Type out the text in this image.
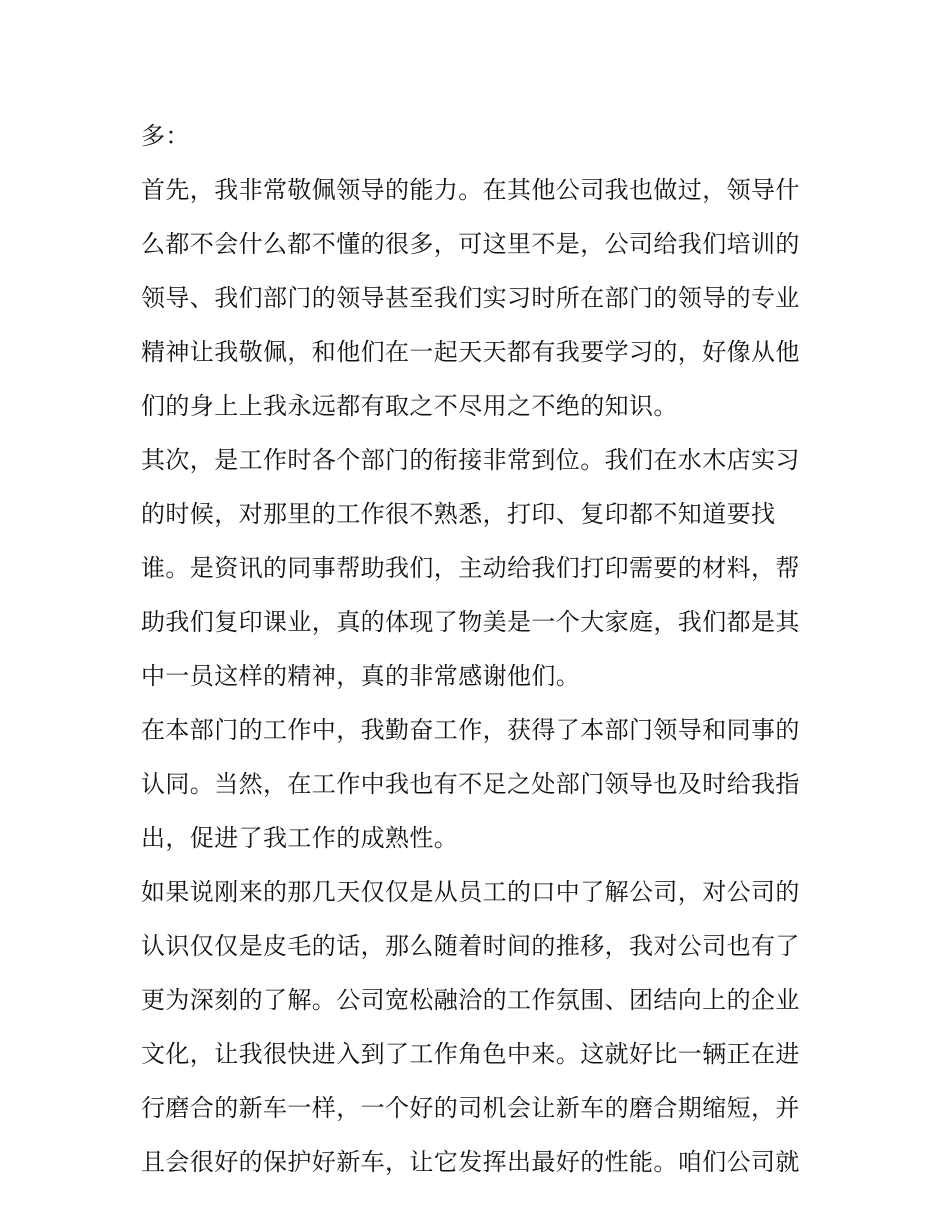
多：
首先，我非常敬佩领导的能力。在其他公司我也做过，领导什
么都不会什么都不懂的很多，可这里不是，公司给我们培训的
领导、我们部门的领导甚至我们实习时所在部门的领导的专业
精神让我敬佩，和他们在一起天天都有我要学习的，好像从他
们的身上上我永远都有取之不尽用之不绝的知识。
其次，是工作时各个部门的衔接非常到位。我们在水木店实习
的时候，对那里的工作很不熟悉，打印、复印都不知道要找
谁。是资讯的同事帮助我们，主动给我们打印需要的材料，帮
助我们复印课业，真的体现了物美是一个大家庭，我们都是其
中一员这样的精神，真的非常感谢他们。
在本部门的工作中，我勤奋工作，获得了本部门领导和同事的
认同。当然，在工作中我也有不足之处部门领导也及时给我指
出，促进了我工作的成熟性。
如果说刚来的那几天仅仅是从员工的口中了解公司，对公司的
认识仅仅是皮毛的话，那么随着时间的推移，我对公司也有了
更为深刻的了解。公司宽松融洽的工作氛围、团结向上的企业
文化，让我很快进入到了工作角色中来。这就好比一辆正在进
行磨合的新车一样，一个好的司机会让新车的磨合期缩短，并
且会很好的保护好新车，让它发挥出最好的性能。咱们公司就
